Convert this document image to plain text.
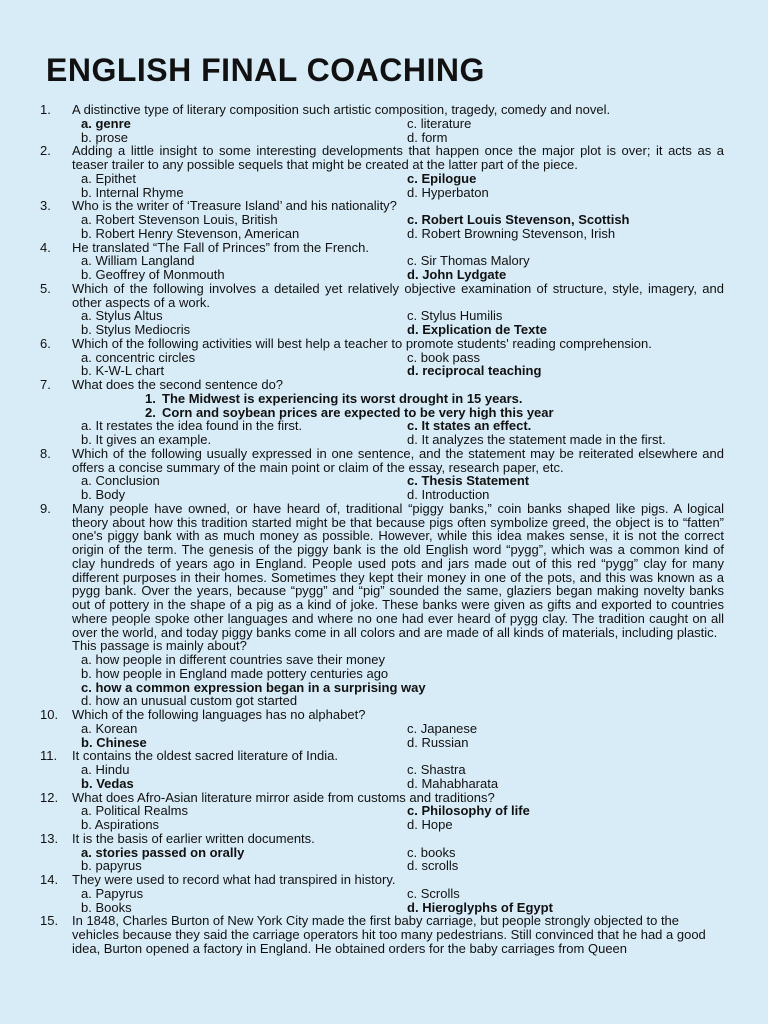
ENGLISH FINAL COACHING
1. A distinctive type of literary composition such artistic composition, tragedy, comedy and novel.
a. genre	c. literature
b. prose	d. form
2. Adding a little insight to some interesting developments that happen once the major plot is over; it acts as a teaser trailer to any possible sequels that might be created at the latter part of the piece.
a. Epithet	c. Epilogue
b. Internal Rhyme	d. Hyperbaton
3. Who is the writer of ‘Treasure Island’ and his nationality?
a. Robert Stevenson Louis, British	c. Robert Louis Stevenson, Scottish
b. Robert Henry Stevenson, American	d. Robert Browning Stevenson, Irish
4. He translated “The Fall of Princes” from the French.
a. William Langland	c. Sir Thomas Malory
b. Geoffrey of Monmouth	d. John Lydgate
5. Which of the following involves a detailed yet relatively objective examination of structure, style, imagery, and other aspects of a work.
a. Stylus Altus	c. Stylus Humilis
b. Stylus Mediocris	d. Explication de Texte
6. Which of the following activities will best help a teacher to promote students' reading comprehension.
a. concentric circles	c. book pass
b. K-W-L chart	d. reciprocal teaching
7. What does the second sentence do?
1. The Midwest is experiencing its worst drought in 15 years.
2. Corn and soybean prices are expected to be very high this year
a. It restates the idea found in the first.	c. It states an effect.
b. It gives an example.	d. It analyzes the statement made in the first.
8. Which of the following usually expressed in one sentence, and the statement may be reiterated elsewhere and offers a concise summary of the main point or claim of the essay, research paper, etc.
a. Conclusion	c. Thesis Statement
b. Body	d. Introduction
9. Many people have owned, or have heard of, traditional “piggy banks,” coin banks shaped like pigs. A logical theory about how this tradition started might be that because pigs often symbolize greed, the object is to “fatten” one's piggy bank with as much money as possible. However, while this idea makes sense, it is not the correct origin of the term. The genesis of the piggy bank is the old English word “pygg”, which was a common kind of clay hundreds of years ago in England. People used pots and jars made out of this red “pygg” clay for many different purposes in their homes. Sometimes they kept their money in one of the pots, and this was known as a pygg bank. Over the years, because “pygg” and “pig” sounded the same, glaziers began making novelty banks out of pottery in the shape of a pig as a kind of joke. These banks were given as gifts and exported to countries where people spoke other languages and where no one had ever heard of pygg clay. The tradition caught on all over the world, and today piggy banks come in all colors and are made of all kinds of materials, including plastic.
This passage is mainly about?
a. how people in different countries save their money
b. how people in England made pottery centuries ago
c. how a common expression began in a surprising way
d. how an unusual custom got started
10. Which of the following languages has no alphabet?
a. Korean	c. Japanese
b. Chinese	d. Russian
11. It contains the oldest sacred literature of India.
a. Hindu	c. Shastra
b. Vedas	d. Mahabharata
12. What does Afro-Asian literature mirror aside from customs and traditions?
a. Political Realms	c. Philosophy of life
b. Aspirations	d. Hope
13. It is the basis of earlier written documents.
a. stories passed on orally	c. books
b. papyrus	d. scrolls
14. They were used to record what had transpired in history.
a. Papyrus	c. Scrolls
b. Books	d. Hieroglyphs of Egypt
15. In 1848, Charles Burton of New York City made the first baby carriage, but people strongly objected to the vehicles because they said the carriage operators hit too many pedestrians. Still convinced that he had a good idea, Burton opened a factory in England. He obtained orders for the baby carriages from Queen
